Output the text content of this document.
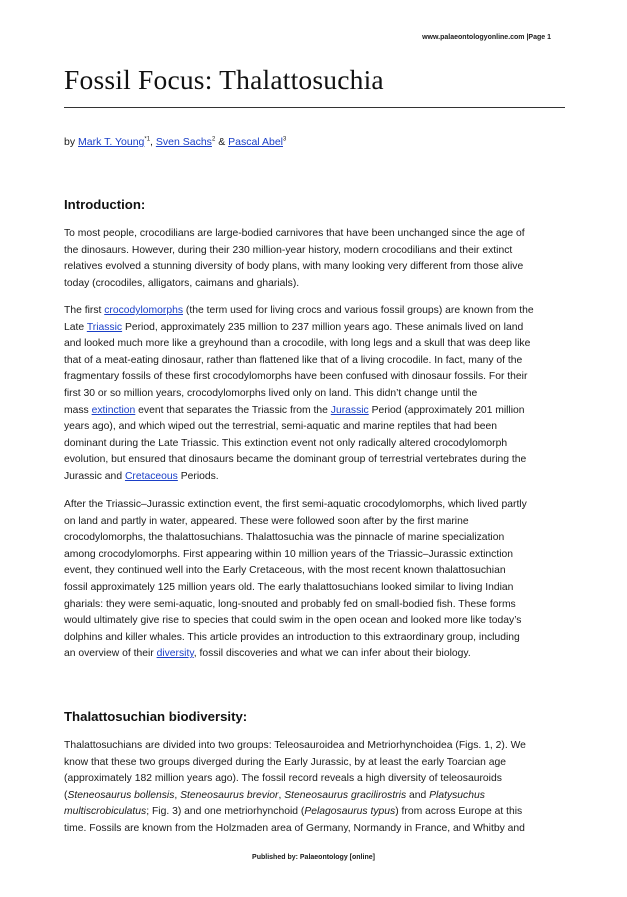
www.palaeontologyonline.com |Page 1
Fossil Focus: Thalattosuchia
by Mark T. Young$^{*1}$, Sven Sachs$^2$ & Pascal Abel$^3$
Introduction:
To most people, crocodilians are large-bodied carnivores that have been unchanged since the age of
the dinosaurs. However, during their 230 million-year history, modern crocodilians and their extinct
relatives evolved a stunning diversity of body plans, with many looking very different from those alive
today (crocodiles, alligators, caimans and gharials).
The first crocodylomorphs (the term used for living crocs and various fossil groups) are known from the
Late Triassic Period, approximately 235 million to 237 million years ago. These animals lived on land
and looked much more like a greyhound than a crocodile, with long legs and a skull that was deep like
that of a meat-eating dinosaur, rather than flattened like that of a living crocodile. In fact, many of the
fragmentary fossils of these first crocodylomorphs have been confused with dinosaur fossils. For their
first 30 or so million years, crocodylomorphs lived only on land. This didn’t change until the
mass extinction event that separates the Triassic from the Jurassic Period (approximately 201 million
years ago), and which wiped out the terrestrial, semi-aquatic and marine reptiles that had been
dominant during the Late Triassic. This extinction event not only radically altered crocodylomorph
evolution, but ensured that dinosaurs became the dominant group of terrestrial vertebrates during the
Jurassic and Cretaceous Periods.
After the Triassic–Jurassic extinction event, the first semi-aquatic crocodylomorphs, which lived partly
on land and partly in water, appeared. These were followed soon after by the first marine
crocodylomorphs, the thalattosuchians. Thalattosuchia was the pinnacle of marine specialization
among crocodylomorphs. First appearing within 10 million years of the Triassic–Jurassic extinction
event, they continued well into the Early Cretaceous, with the most recent known thalattosuchian
fossil approximately 125 million years old. The early thalattosuchians looked similar to living Indian
gharials: they were semi-aquatic, long-snouted and probably fed on small-bodied fish. These forms
would ultimately give rise to species that could swim in the open ocean and looked more like today’s
dolphins and killer whales. This article provides an introduction to this extraordinary group, including
an overview of their diversity, fossil discoveries and what we can infer about their biology.
Thalattosuchian biodiversity:
Thalattosuchians are divided into two groups: Teleosauroidea and Metriorhynchoidea (Figs. 1, 2). We
know that these two groups diverged during the Early Jurassic, by at least the early Toarcian age
(approximately 182 million years ago). The fossil record reveals a high diversity of teleosauroids
(Steneosaurus bollensis, Steneosaurus brevior, Steneosaurus gracilirostris and Platysuchus
multiscrobiculatus; Fig. 3) and one metriorhynchoid (Pelagosaurus typus) from across Europe at this
time. Fossils are known from the Holzmaden area of Germany, Normandy in France, and Whitby and
Published by: Palaeontology [online]
